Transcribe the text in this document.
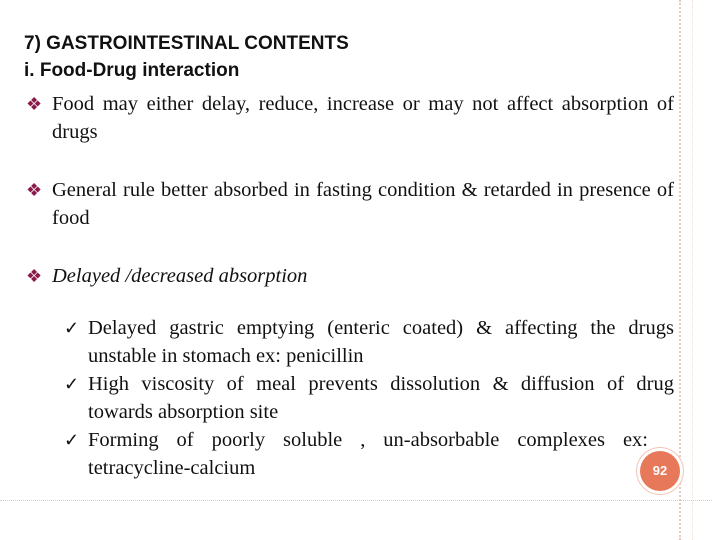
7) GASTROINTESTINAL CONTENTS

i. Food-Drug interaction

❖ Food may either delay, reduce, increase or may not affect absorption of drugs
❖ General rule better absorbed in fasting condition & retarded in presence of food
❖ Delayed /decreased absorption
✓ Delayed gastric emptying (enteric coated) & affecting the drugs unstable in stomach ex: penicillin
✓ High viscosity of meal prevents dissolution & diffusion of drug towards absorption site
✓ Forming of poorly soluble , un-absorbable complexes ex: tetracycline-calcium	92
